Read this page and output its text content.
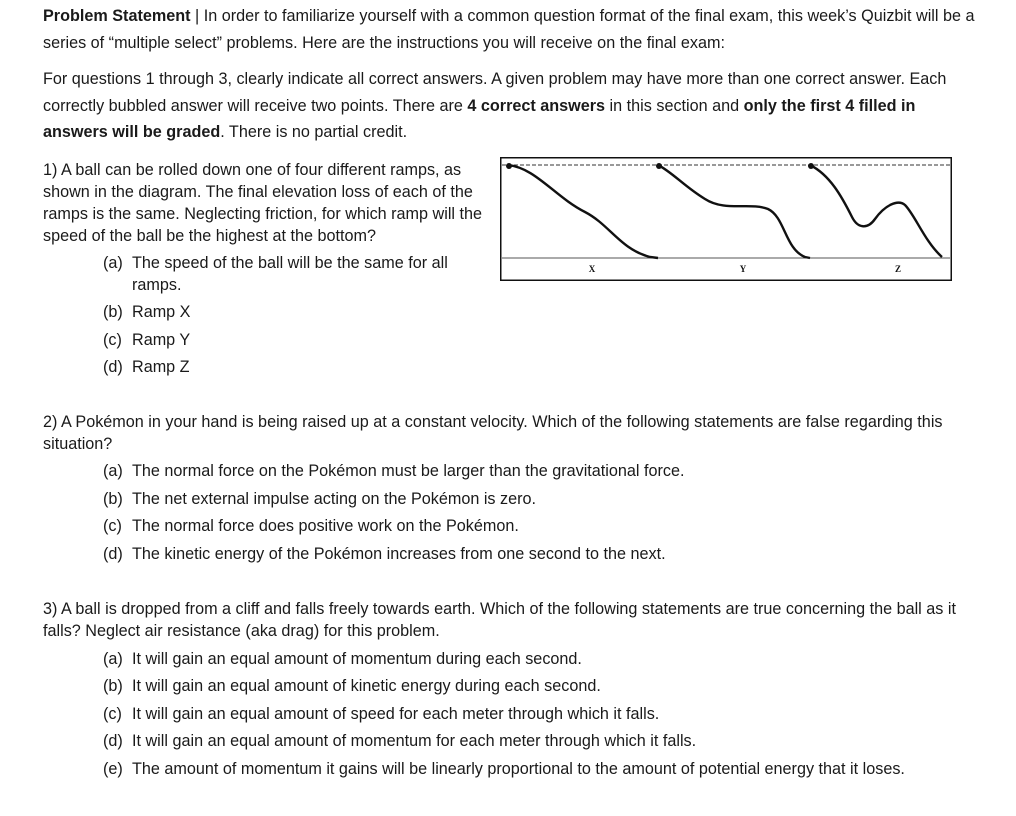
Problem Statement | In order to familiarize yourself with a common question format of the final exam, this week’s Quizbit will be a series of “multiple select” problems. Here are the instructions you will receive on the final exam:

For questions 1 through 3, clearly indicate all correct answers. A given problem may have more than one correct answer. Each correctly bubbled answer will receive two points. There are 4 correct answers in this section and only the first 4 filled in answers will be graded. There is no partial credit.

1) A ball can be rolled down one of four different ramps, as shown in the diagram. The final elevation loss of each of the ramps is the same. Neglecting friction, for which ramp will the speed of the ball be the highest at the bottom?

(a) The speed of the ball will be the same for all
ramps.
(b) Ramp X
(c) Ramp Y
(d) Ramp Z
X	Y	Z

2) A Pokémon in your hand is being raised up at a constant velocity. Which of the following statements are false regarding this situation?

(a) The normal force on the Pokémon must be larger than the gravitational force.
(b) The net external impulse acting on the Pokémon is zero.
(c) The normal force does positive work on the Pokémon.
(d) The kinetic energy of the Pokémon increases from one second to the next.

3) A ball is dropped from a cliff and falls freely towards earth. Which of the following statements are true concerning the ball as it falls? Neglect air resistance (aka drag) for this problem.

(a) It will gain an equal amount of momentum during each second.
(b) It will gain an equal amount of kinetic energy during each second.
(c) It will gain an equal amount of speed for each meter through which it falls.
(d) It will gain an equal amount of momentum for each meter through which it falls.
(e) The amount of momentum it gains will be linearly proportional to the amount of potential energy that it loses.
